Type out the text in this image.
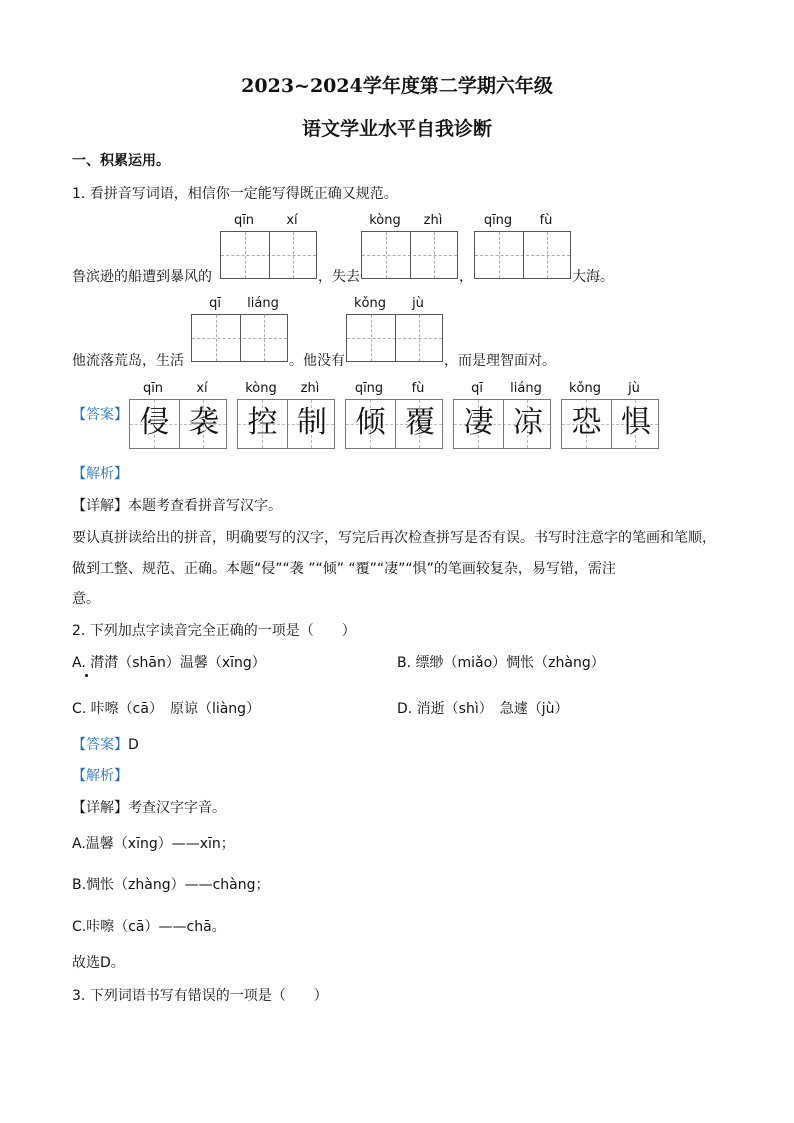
2023~2024学年度第二学期六年级
语文学业水平自我诊断
一、积累运用。
1. 看拼音写词语，相信你一定能写得既正确又规范。
qīn	xí	kòng	zhì	qīng	fù
鲁滨逊的船遭到暴风的	，失去	，	大海。
qī	liáng	kǒng	jù
他流落荒岛，生活	。他没有	，而是理智面对。
【答案】
qīn	xí	kòng	zhì	qīng	fù	qī	liáng	kǒng	jù
侵 袭 控 制 倾 覆 凄 凉 恐 惧
【解析】
【详解】本题考查看拼音写汉字。
要认真拼读给出的拼音，明确要写的汉字，写完后再次检查拼写是否有误。书写时注意字的笔画和笔顺，
做到工整、规范、正确。本题“侵”“袭 ”“倾” “覆”“凄”“惧”的笔画较复杂，易写错，需注
意。
2. 下列加点字读音完全正确的一项是（　　）
A. 潸潸（shān）温馨（xīng）	B. 缥缈（miǎo）惆怅（zhàng）
C. 咔嚓（cā）　原谅（liàng）	D. 消逝（shì）　急遽（jù）
【答案】D
【解析】
【详解】考查汉字字音。
A.温馨（xīng）——xīn；
B.惆怅（zhàng）——chàng；
C.咔嚓（cā）——chā。
故选D。
3. 下列词语书写有错误的一项是（　　）
